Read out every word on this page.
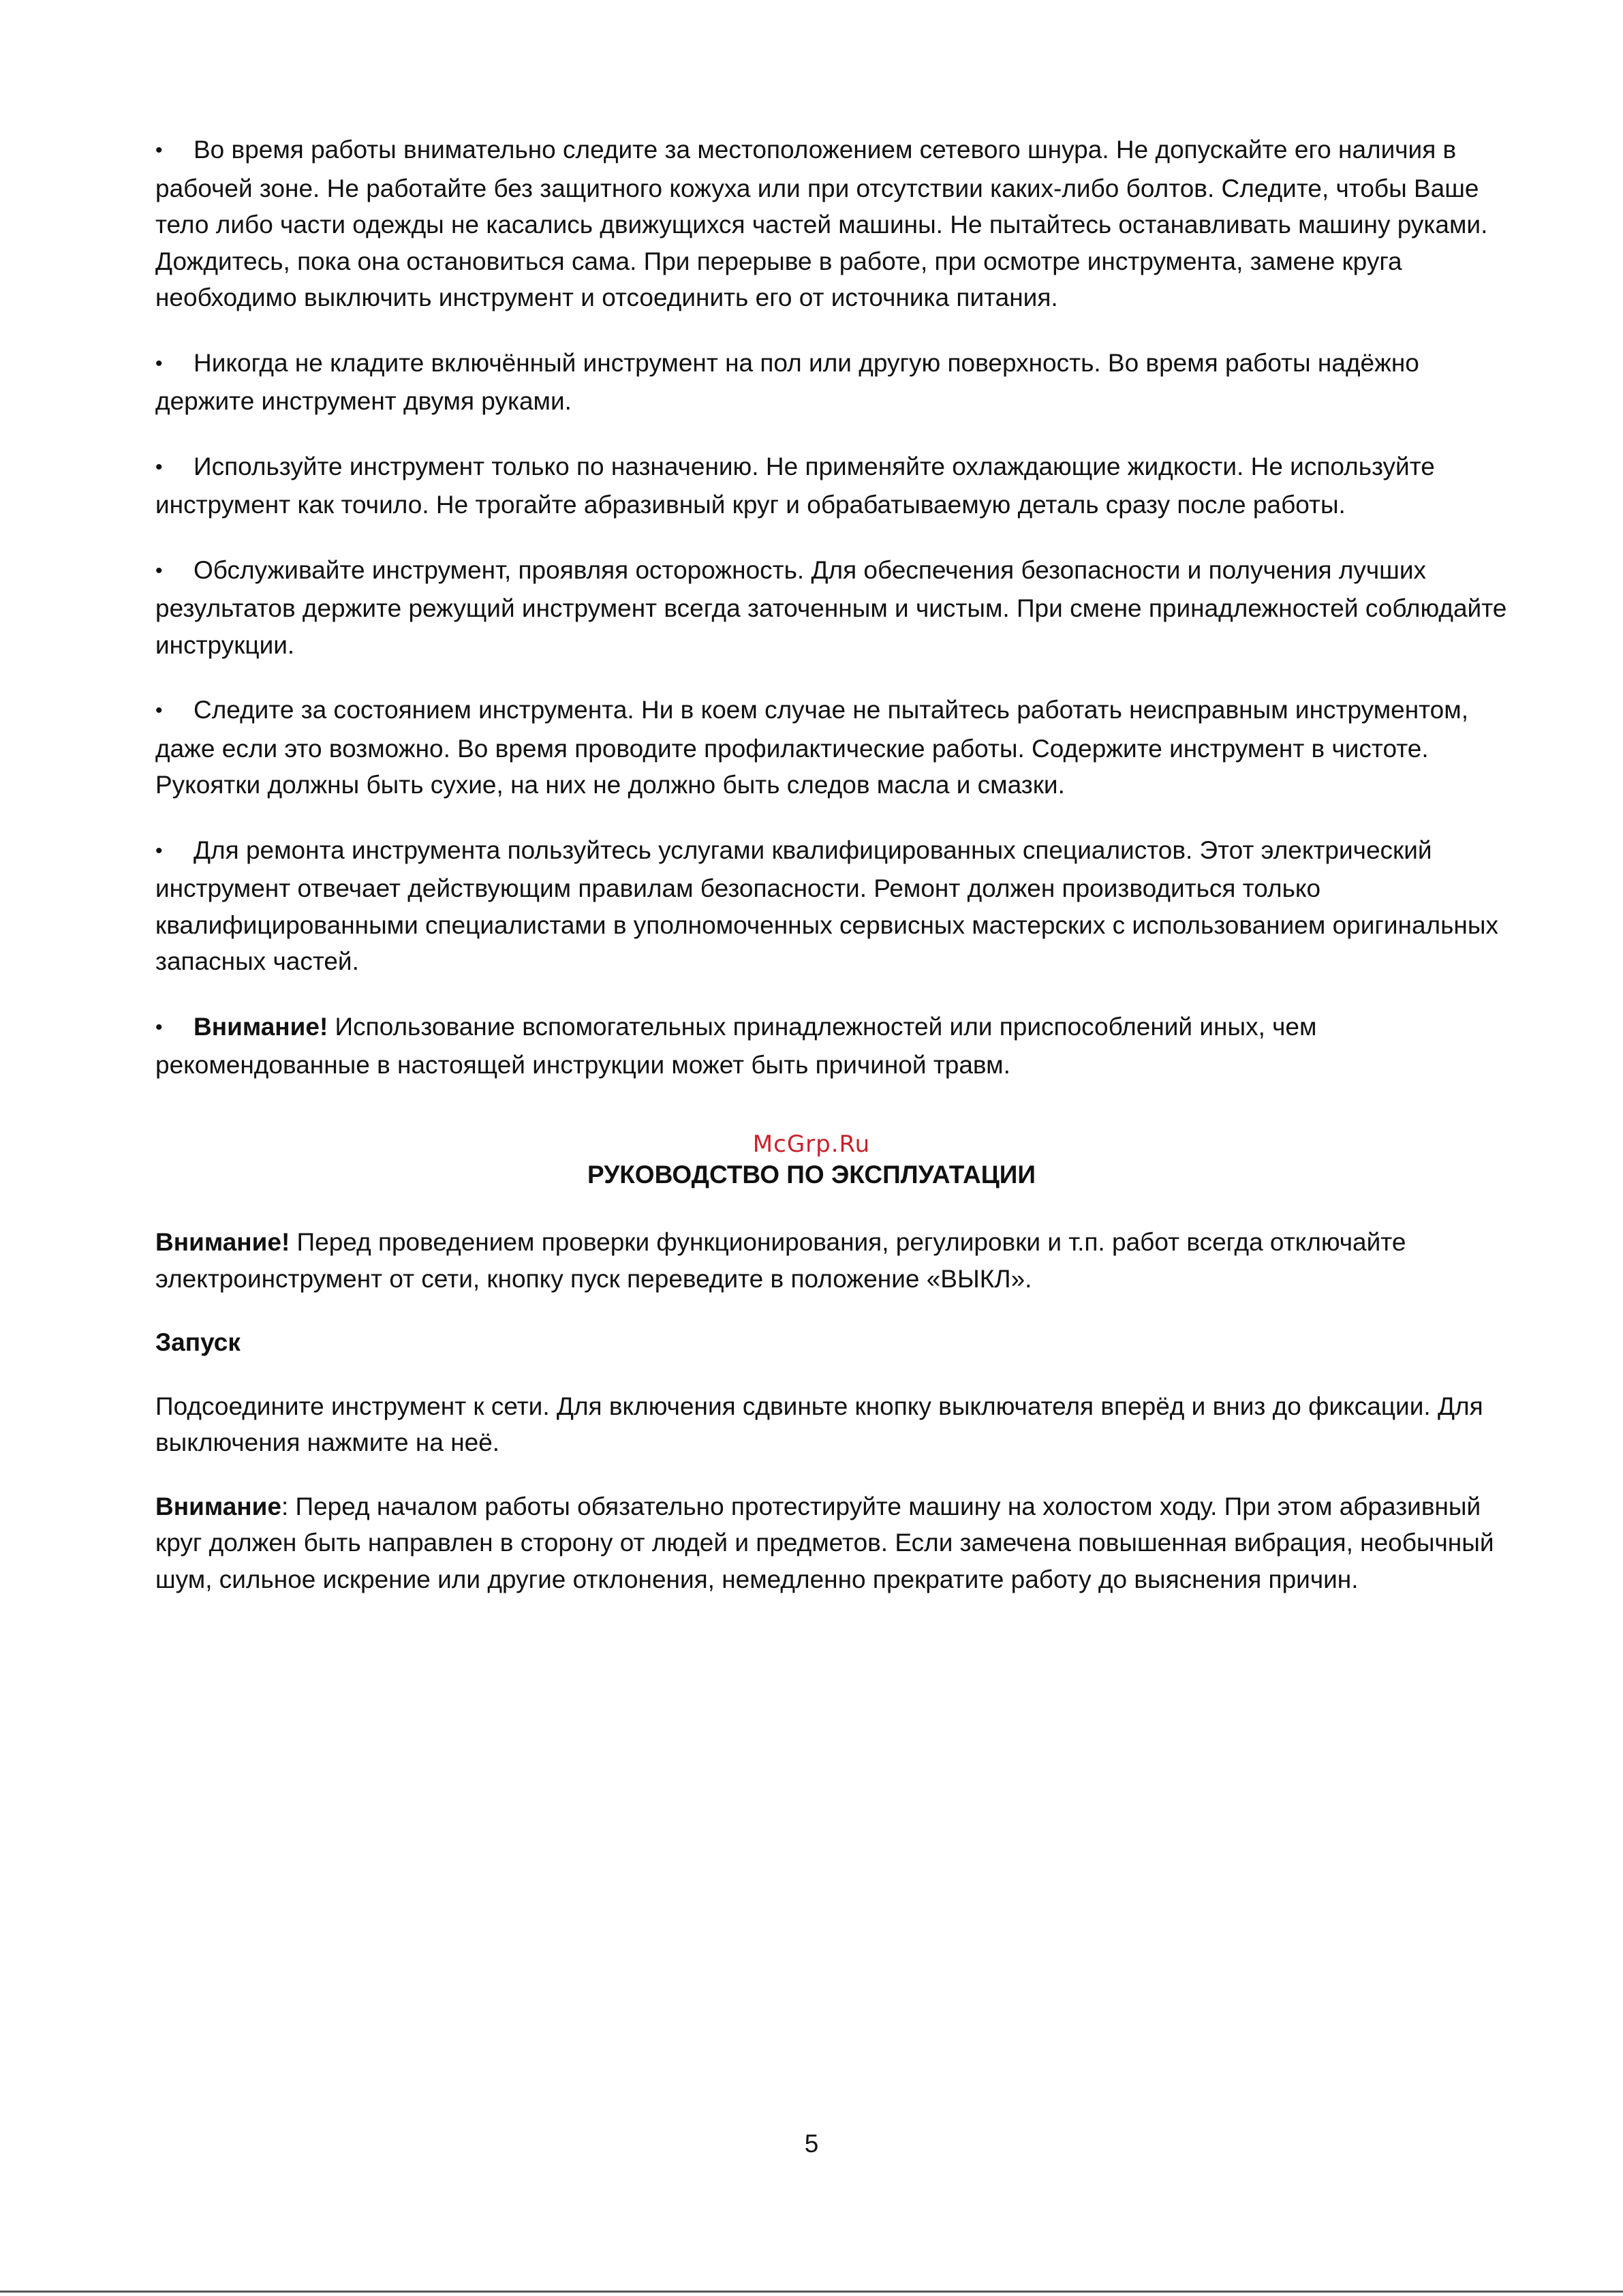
• Во время работы внимательно следите за местоположением сетевого шнура. Не допускайте его наличия в рабочей зоне. Не работайте без защитного кожуха или при отсутствии каких-либо болтов. Следите, чтобы Ваше тело либо части одежды не касались движущихся частей машины. Не пытайтесь останавливать машину руками. Дождитесь, пока она остановиться сама. При перерыве в работе, при осмотре инструмента, замене круга необходимо выключить инструмент и отсоединить его от источника питания.

• Никогда не кладите включённый инструмент на пол или другую поверхность. Во время работы надёжно держите инструмент двумя руками.

• Используйте инструмент только по назначению. Не применяйте охлаждающие жидкости. Не используйте инструмент как точило. Не трогайте абразивный круг и обрабатываемую деталь сразу после работы.

• Обслуживайте инструмент, проявляя осторожность. Для обеспечения безопасности и получения лучших результатов держите режущий инструмент всегда заточенным и чистым. При смене принадлежностей соблюдайте инструкции.

• Следите за состоянием инструмента. Ни в коем случае не пытайтесь работать неисправным инструментом, даже если это возможно. Во время проводите профилактические работы. Содержите инструмент в чистоте. Рукоятки должны быть сухие, на них не должно быть следов масла и смазки.

• Для ремонта инструмента пользуйтесь услугами квалифицированных специалистов. Этот электрический инструмент отвечает действующим правилам безопасности. Ремонт должен производиться только квалифицированными специалистами в уполномоченных сервисных мастерских с использованием оригинальных запасных частей.

• Внимание! Использование вспомогательных принадлежностей или приспособлений иных, чем рекомендованные в настоящей инструкции может быть причиной травм.

McGrp.Ru
РУКОВОДСТВО ПО ЭКСПЛУАТАЦИИ

Внимание! Перед проведением проверки функционирования, регулировки и т.п. работ всегда отключайте электроинструмент от сети, кнопку пуск переведите в положение «ВЫКЛ».

Запуск

Подсоедините инструмент к сети. Для включения сдвиньте кнопку выключателя вперёд и вниз до фиксации. Для выключения нажмите на неё.

Внимание: Перед началом работы обязательно протестируйте машину на холостом ходу. При этом абразивный круг должен быть направлен в сторону от людей и предметов. Если замечена повышенная вибрация, необычный шум, сильное искрение или другие отклонения, немедленно прекратите работу до выяснения причин.

5
